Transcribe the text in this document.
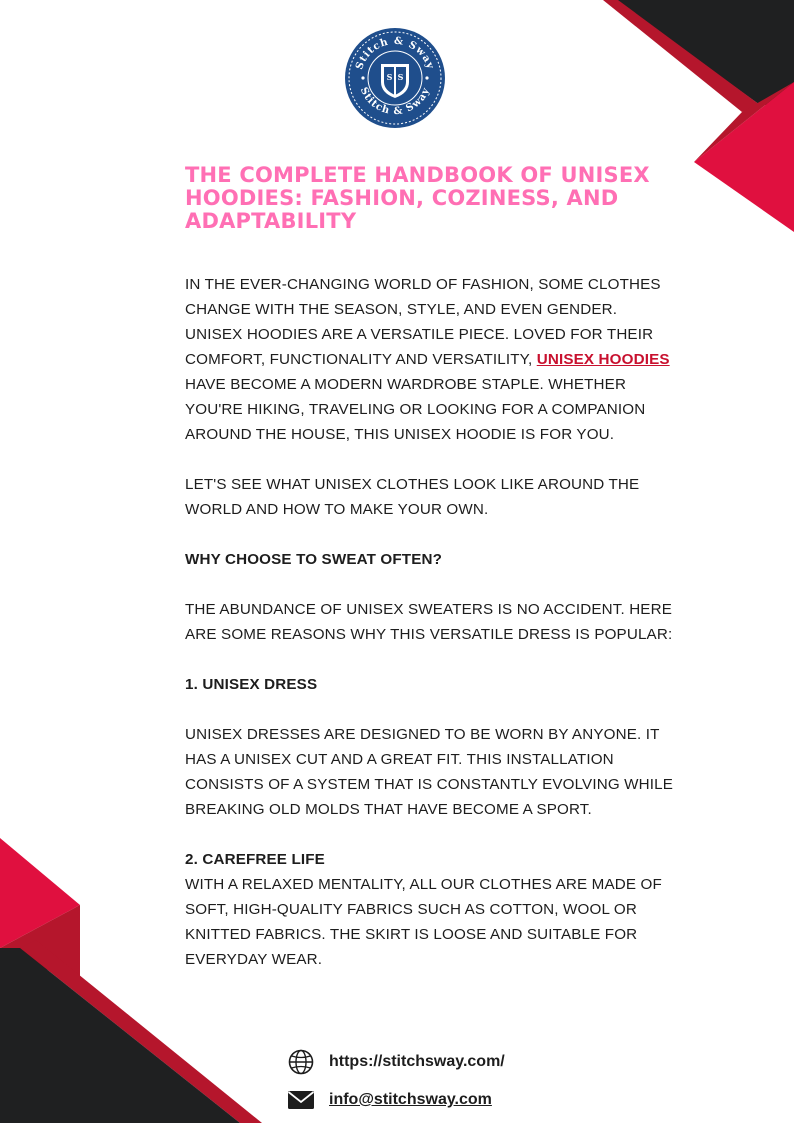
Stitch & Sway
Stitch & Sway
S S
THE COMPLETE HANDBOOK OF UNISEX HOODIES: FASHION, COZINESS, AND ADAPTABILITY

IN THE EVER-CHANGING WORLD OF FASHION, SOME CLOTHES CHANGE WITH THE SEASON, STYLE, AND EVEN GENDER. UNISEX HOODIES ARE A VERSATILE PIECE. LOVED FOR THEIR COMFORT, FUNCTIONALITY AND VERSATILITY, UNISEX HOODIES HAVE BECOME A MODERN WARDROBE STAPLE. WHETHER YOU'RE HIKING, TRAVELING OR LOOKING FOR A COMPANION AROUND THE HOUSE, THIS UNISEX HOODIE IS FOR YOU.

LET'S SEE WHAT UNISEX CLOTHES LOOK LIKE AROUND THE WORLD AND HOW TO MAKE YOUR OWN.

WHY CHOOSE TO SWEAT OFTEN?

THE ABUNDANCE OF UNISEX SWEATERS IS NO ACCIDENT. HERE ARE SOME REASONS WHY THIS VERSATILE DRESS IS POPULAR:

1. UNISEX DRESS

UNISEX DRESSES ARE DESIGNED TO BE WORN BY ANYONE. IT HAS A UNISEX CUT AND A GREAT FIT. THIS INSTALLATION CONSISTS OF A SYSTEM THAT IS CONSTANTLY EVOLVING WHILE BREAKING OLD MOLDS THAT HAVE BECOME A SPORT.

2. CAREFREE LIFE

WITH A RELAXED MENTALITY, ALL OUR CLOTHES ARE MADE OF SOFT, HIGH-QUALITY FABRICS SUCH AS COTTON, WOOL OR KNITTED FABRICS. THE SKIRT IS LOOSE AND SUITABLE FOR EVERYDAY WEAR.

https://stitchsway.com/
info@stitchsway.com
